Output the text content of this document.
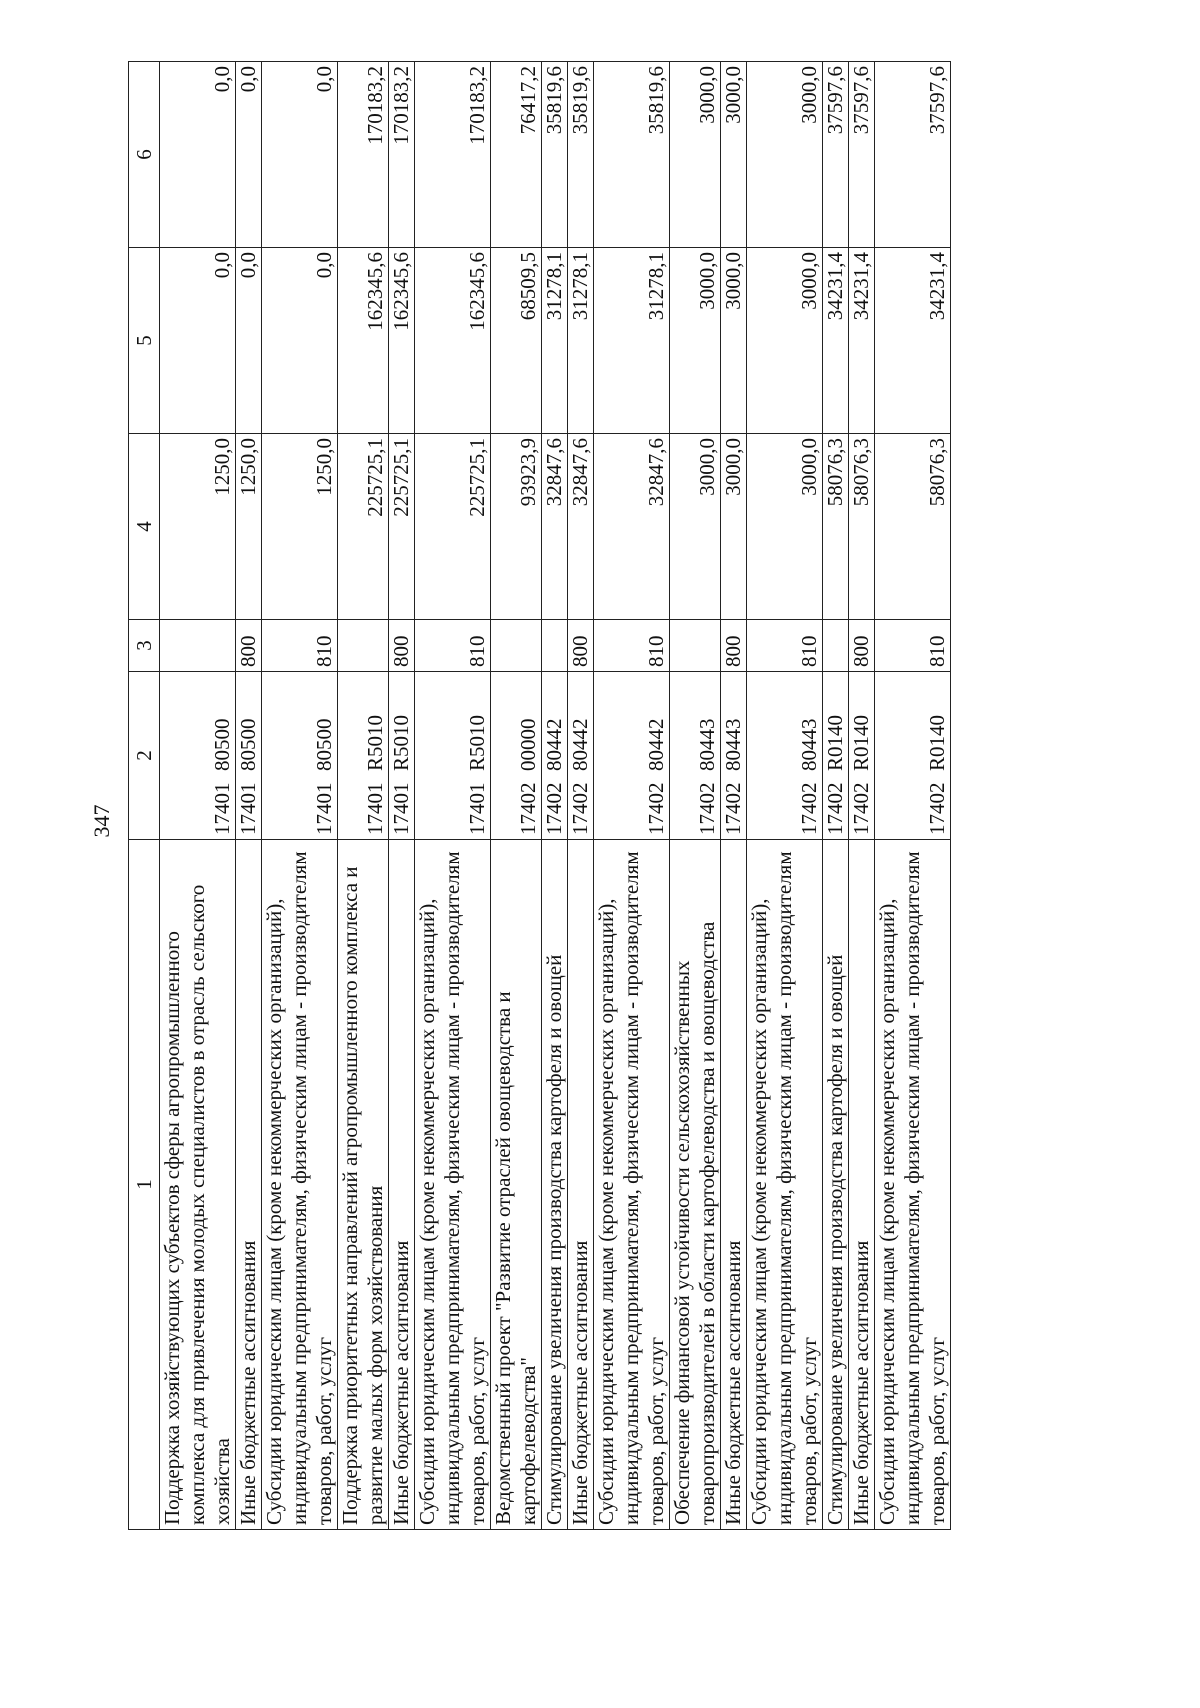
347
1	2	3	4	5	6
Поддержка хозяйствующих субъектов сферы агропромышленного комплекса для привлечения молодых специалистов в отрасль сельского хозяйства	1740180500		1250,0	0,0	0,0
Иные бюджетные ассигнования	1740180500	800	1250,0	0,0	0,0
Субсидии юридическим лицам (кроме некоммерческих организаций), индивидуальным предпринимателям, физическим лицам - производителям товаров, работ, услуг	1740180500	810	1250,0	0,0	0,0
Поддержка приоритетных направлений агропромышленного комплекса и развитие малых форм хозяйствования	17401R5010		225725,1	162345,6	170183,2
Иные бюджетные ассигнования	17401R5010	800	225725,1	162345,6	170183,2
Субсидии юридическим лицам (кроме некоммерческих организаций), индивидуальным предпринимателям, физическим лицам - производителям товаров, работ, услуг	17401R5010	810	225725,1	162345,6	170183,2
Ведомственный проект "Развитие отраслей овощеводства и картофелеводства"	1740200000		93923,9	68509,5	76417,2
Стимулирование увеличения производства картофеля и овощей	1740280442		32847,6	31278,1	35819,6
Иные бюджетные ассигнования	1740280442	800	32847,6	31278,1	35819,6
Субсидии юридическим лицам (кроме некоммерческих организаций), индивидуальным предпринимателям, физическим лицам - производителям товаров, работ, услуг	1740280442	810	32847,6	31278,1	35819,6
Обеспечение финансовой устойчивости сельскохозяйственных товаропроизводителей в области картофелеводства и овощеводства	1740280443		3000,0	3000,0	3000,0
Иные бюджетные ассигнования	1740280443	800	3000,0	3000,0	3000,0
Субсидии юридическим лицам (кроме некоммерческих организаций), индивидуальным предпринимателям, физическим лицам - производителям товаров, работ, услуг	1740280443	810	3000,0	3000,0	3000,0
Стимулирование увеличения производства картофеля и овощей	17402R0140		58076,3	34231,4	37597,6
Иные бюджетные ассигнования	17402R0140	800	58076,3	34231,4	37597,6
Субсидии юридическим лицам (кроме некоммерческих организаций), индивидуальным предпринимателям, физическим лицам - производителям товаров, работ, услуг	17402R0140	810	58076,3	34231,4	37597,6
